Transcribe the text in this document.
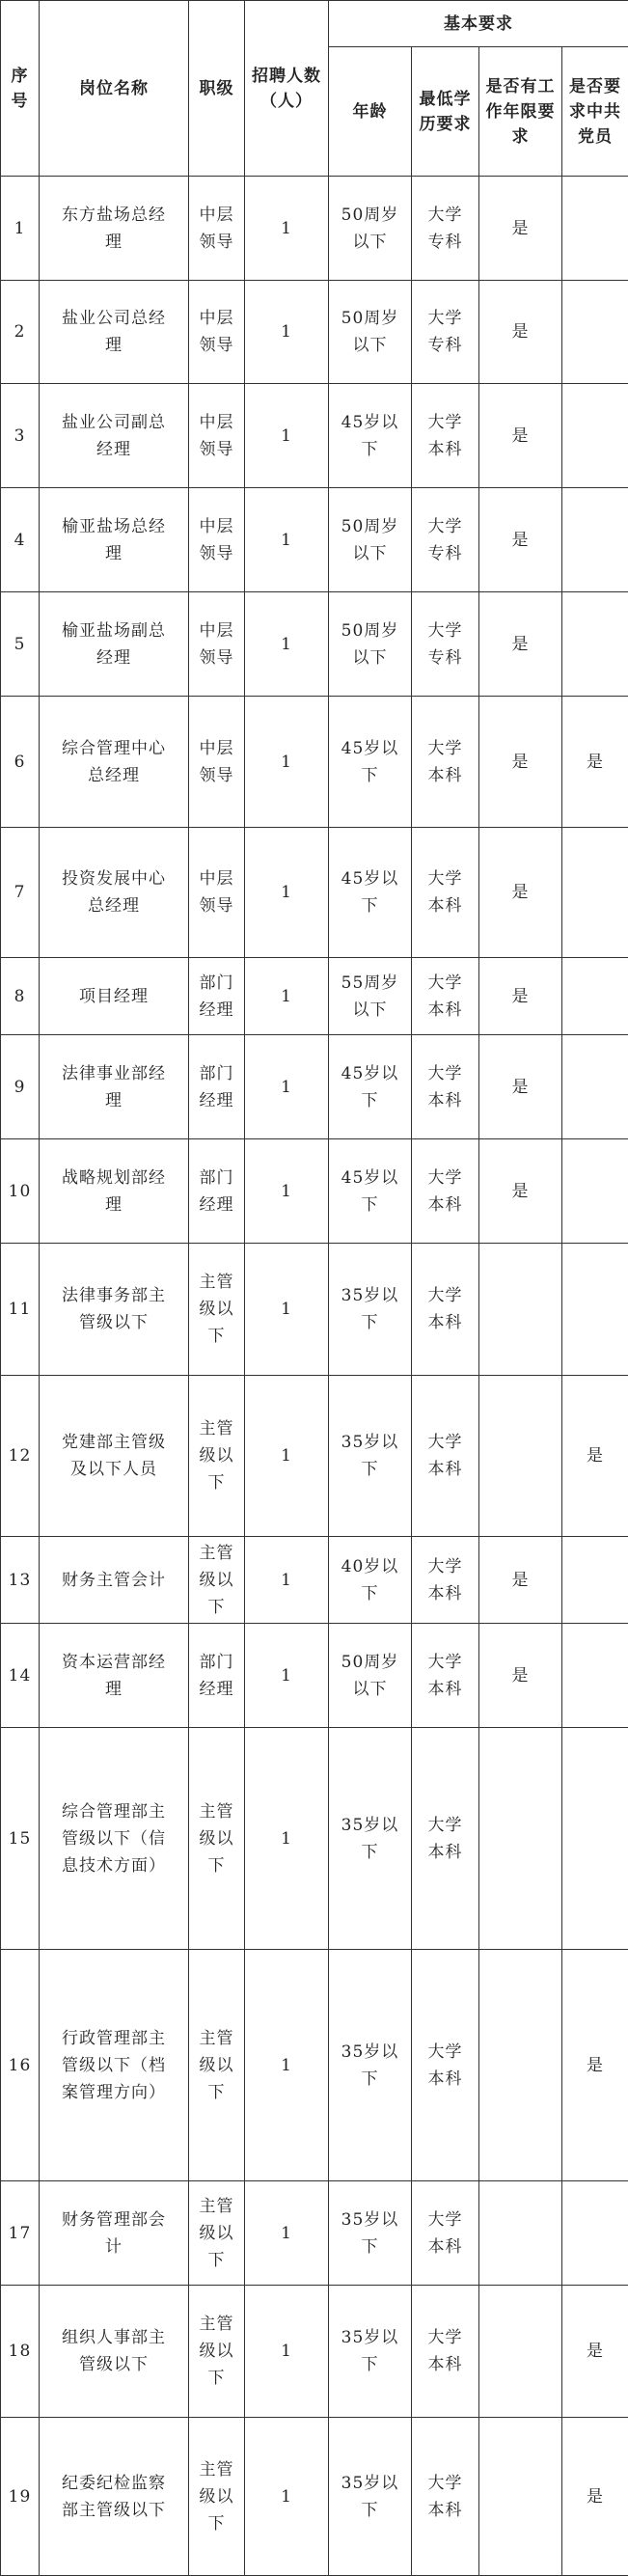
序号	岗位名称	职级	招聘人数（人）	基本要求			
				年龄	最低学历要求	是否有工作年限要求	是否要求中共党员
1	东方盐场总经理	中层领导	1	50周岁以下	大学专科	是	
2	盐业公司总经理	中层领导	1	50周岁以下	大学专科	是	
3	盐业公司副总经理	中层领导	1	45岁以下	大学本科	是	
4	榆亚盐场总经理	中层领导	1	50周岁以下	大学专科	是	
5	榆亚盐场副总经理	中层领导	1	50周岁以下	大学专科	是	
6	综合管理中心总经理	中层领导	1	45岁以下	大学本科	是	是
7	投资发展中心总经理	中层领导	1	45岁以下	大学本科	是	
8	项目经理	部门经理	1	55周岁以下	大学本科	是	
9	法律事业部经理	部门经理	1	45岁以下	大学本科	是	
10	战略规划部经理	部门经理	1	45岁以下	大学本科	是	
11	法律事务部主管级以下	主管级以下	1	35岁以下	大学本科		
12	党建部主管级及以下人员	主管级以下	1	35岁以下	大学本科		是
13	财务主管会计	主管级以下	1	40岁以下	大学本科	是	
14	资本运营部经理	部门经理	1	50周岁以下	大学本科	是	
15	综合管理部主管级以下（信息技术方面）	主管级以下	1	35岁以下	大学本科		
16	行政管理部主管级以下（档案管理方向）	主管级以下	1	35岁以下	大学本科		是
17	财务管理部会计	主管级以下	1	35岁以下	大学本科		
18	组织人事部主管级以下	主管级以下	1	35岁以下	大学本科		是
19	纪委纪检监察部主管级以下	主管级以下	1	35岁以下	大学本科		是
